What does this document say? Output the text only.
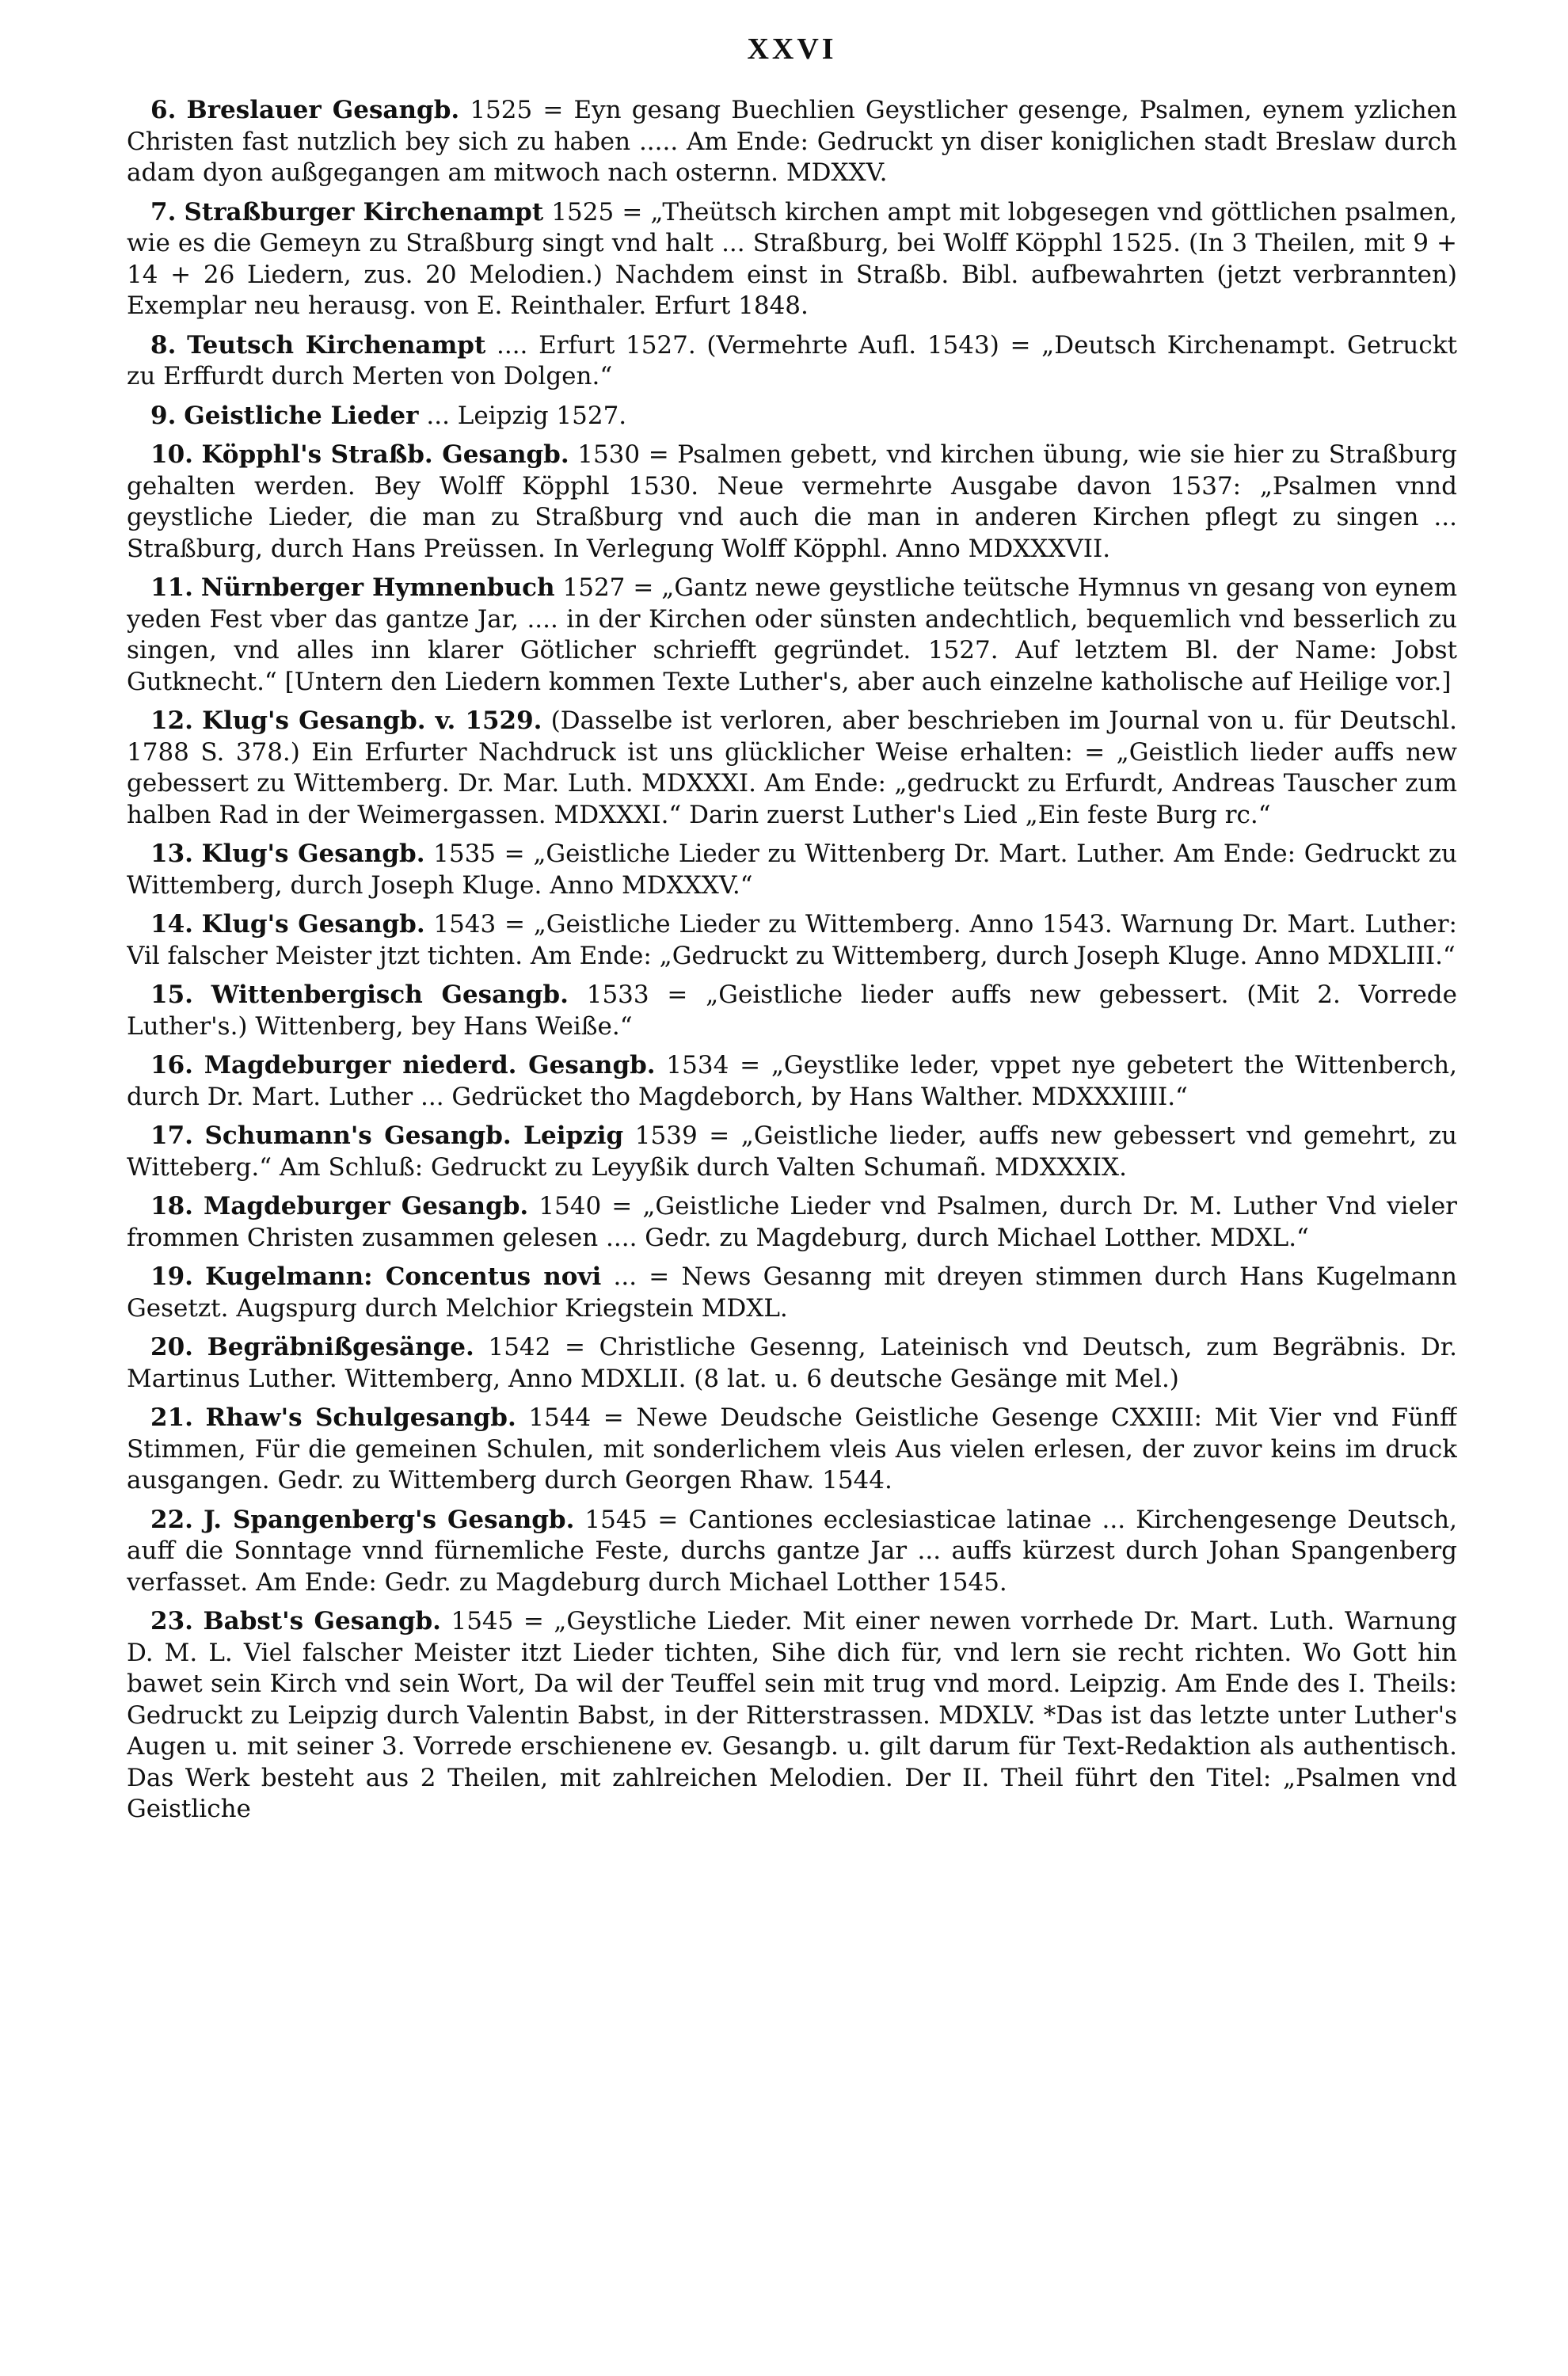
XXVI

6. Breslauer Gesangb. 1525 = Eyn gesang Buechlien Geystlicher gesenge, Psalmen, eynem yzlichen Christen fast nutzlich bey sich zu haben ..... Am Ende: Gedruckt yn diser koniglichen stadt Breslaw durch adam dyon außgegangen am mitwoch nach osternn. MDXXV.

7. Straßburger Kirchenampt 1525 = „Theütsch kirchen ampt mit lobgesegen vnd göttlichen psalmen, wie es die Gemeyn zu Straßburg singt vnd halt ... Straßburg, bei Wolff Köpphl 1525. (In 3 Theilen, mit 9 + 14 + 26 Liedern, zus. 20 Melodien.) Nachdem einst in Straßb. Bibl. aufbewahrten (jetzt verbrannten) Exemplar neu herausg. von E. Reinthaler. Erfurt 1848.

8. Teutsch Kirchenampt .... Erfurt 1527. (Vermehrte Aufl. 1543) = „Deutsch Kirchenampt. Getruckt zu Erffurdt durch Merten von Dolgen.“

9. Geistliche Lieder ... Leipzig 1527.

10. Köpphl's Straßb. Gesangb. 1530 = Psalmen gebett, vnd kirchen übung, wie sie hier zu Straßburg gehalten werden. Bey Wolff Köpphl 1530. Neue vermehrte Ausgabe davon 1537: „Psalmen vnnd geystliche Lieder, die man zu Straßburg vnd auch die man in anderen Kirchen pflegt zu singen ... Straßburg, durch Hans Preüssen. In Verlegung Wolff Köpphl. Anno MDXXXVII.

11. Nürnberger Hymnenbuch 1527 = „Gantz newe geystliche teütsche Hymnus vn gesang von eynem yeden Fest vber das gantze Jar, .... in der Kirchen oder sünsten andechtlich, bequemlich vnd besserlich zu singen, vnd alles inn klarer Götlicher schriefft gegründet. 1527. Auf letztem Bl. der Name: Jobst Gutknecht.“ [Untern den Liedern kommen Texte Luther's, aber auch einzelne katholische auf Heilige vor.]

12. Klug's Gesangb. v. 1529. (Dasselbe ist verloren, aber beschrieben im Journal von u. für Deutschl. 1788 S. 378.) Ein Erfurter Nachdruck ist uns glücklicher Weise erhalten: = „Geistlich lieder auffs new gebessert zu Wittemberg. Dr. Mar. Luth. MDXXXI. Am Ende: „gedruckt zu Erfurdt, Andreas Tauscher zum halben Rad in der Weimergassen. MDXXXI.“ Darin zuerst Luther's Lied „Ein feste Burg rc.“

13. Klug's Gesangb. 1535 = „Geistliche Lieder zu Wittenberg Dr. Mart. Luther. Am Ende: Gedruckt zu Wittemberg, durch Joseph Kluge. Anno MDXXXV.“

14. Klug's Gesangb. 1543 = „Geistliche Lieder zu Wittemberg. Anno 1543. Warnung Dr. Mart. Luther: Vil falscher Meister jtzt tichten. Am Ende: „Gedruckt zu Wittemberg, durch Joseph Kluge. Anno MDXLIII.“

15. Wittenbergisch Gesangb. 1533 = „Geistliche lieder auffs new gebessert. (Mit 2. Vorrede Luther's.) Wittenberg, bey Hans Weiße.“

16. Magdeburger niederd. Gesangb. 1534 = „Geystlike leder, vppet nye gebetert the Wittenberch, durch Dr. Mart. Luther ... Gedrücket tho Magdeborch, by Hans Walther. MDXXXIIII.“

17. Schumann's Gesangb. Leipzig 1539 = „Geistliche lieder, auffs new gebessert vnd gemehrt, zu Witteberg.“ Am Schluß: Gedruckt zu Leyyßik durch Valten Schumañ. MDXXXIX.

18. Magdeburger Gesangb. 1540 = „Geistliche Lieder vnd Psalmen, durch Dr. M. Luther Vnd vieler frommen Christen zusammen gelesen .... Gedr. zu Magdeburg, durch Michael Lotther. MDXL.“

19. Kugelmann: Concentus novi ... = News Gesanng mit dreyen stimmen durch Hans Kugelmann Gesetzt. Augspurg durch Melchior Kriegstein MDXL.

20. Begräbnißgesänge. 1542 = Christliche Gesenng, Lateinisch vnd Deutsch, zum Begräbnis. Dr. Martinus Luther. Wittemberg, Anno MDXLII. (8 lat. u. 6 deutsche Gesänge mit Mel.)

21. Rhaw's Schulgesangb. 1544 = Newe Deudsche Geistliche Gesenge CXXIII: Mit Vier vnd Fünff Stimmen, Für die gemeinen Schulen, mit sonderlichem vleis Aus vielen erlesen, der zuvor keins im druck ausgangen. Gedr. zu Wittemberg durch Georgen Rhaw. 1544.

22. J. Spangenberg's Gesangb. 1545 = Cantiones ecclesiasticae latinae ... Kirchengesenge Deutsch, auff die Sonntage vnnd fürnemliche Feste, durchs gantze Jar ... auffs kürzest durch Johan Spangenberg verfasset. Am Ende: Gedr. zu Magdeburg durch Michael Lotther 1545.

23. Babst's Gesangb. 1545 = „Geystliche Lieder. Mit einer newen vorrhede Dr. Mart. Luth. Warnung D. M. L. Viel falscher Meister itzt Lieder tichten, Sihe dich für, vnd lern sie recht richten. Wo Gott hin bawet sein Kirch vnd sein Wort, Da wil der Teuffel sein mit trug vnd mord. Leipzig. Am Ende des I. Theils: Gedruckt zu Leipzig durch Valentin Babst, in der Ritterstrassen. MDXLV. *Das ist das letzte unter Luther's Augen u. mit seiner 3. Vorrede erschienene ev. Gesangb. u. gilt darum für Text-Redaktion als authentisch. Das Werk besteht aus 2 Theilen, mit zahlreichen Melodien. Der II. Theil führt den Titel: „Psalmen vnd Geistliche
